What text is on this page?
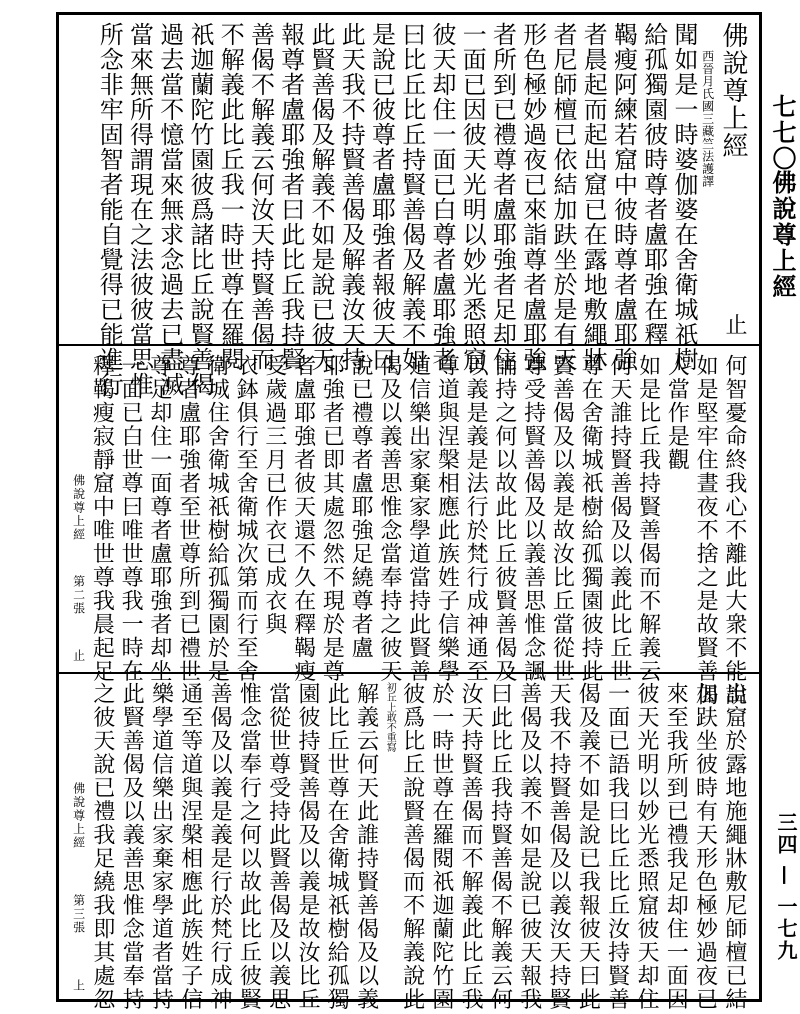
七七〇
佛說尊上經
三四 — 一七九
佛說尊上經
止
西晉月氏國三藏竺法護譯
聞如是一時婆伽婆在舍衛城祇樹
給孤獨園彼時尊者盧耶強在釋
鞨瘦阿練若窟中彼時尊者盧耶強
者晨起而起出窟已在露地敷繩牀
者尼師檀已依結加趺坐於是有天
形色極妙過夜已來詣尊者盧耶強
者所到已禮尊者盧耶強者足却住
一面已因彼天光明以妙光悉照窟
彼天却住一面已白尊者盧耶強者
曰比丘比丘持賢善偈及解義不如
是說已彼尊者盧耶強者報彼天曰
此天我不持賢善偈及解義汝天持
此賢善偈及解義不如是說已彼天
報尊者盧耶強者曰此比丘我持賢
善偈不解義云何汝天持賢善偈而
不解義此比丘我一時世尊在羅閱
祇迦蘭陀竹園彼爲諸比丘說賢善偈
過去當不憶當來無求念過去已盡滅
當來無所得謂現在之法彼彼當思惟
所念非牢固智者能自覺得已能進行
何智憂命終我心不離此大衆不能說
如是堅牢住晝夜不捨之是故賢善偈
人當作是觀
如是比丘我持賢善偈而不解義云
何天誰持賢善偈及以義此比丘世
尊在舍衛城祇樹給孤獨園彼持此
賢善偈及以義是故汝比丘當從世
尊受持賢善偈及以義善思惟念諷
誦持之何以故此比丘彼賢善偈及
以義是義是法行於梵行成神通至
尊道與涅槃相應此族姓子信樂學
道信樂出家棄家學道當持此賢善
偈及以義善思惟念當奉持之彼天
說已禮尊者盧耶強足繞尊者盧
耶強者已即其處忽然不現於是尊
者盧耶強者彼天還不久在釋鞨瘦
受歲過三月已作衣已成衣與
衣鉢俱行至舍衛城次第而行至舍
衛城住舍衛城祇樹給孤獨園於是
尊者盧耶強者至世尊所到已禮世
尊足却住一面尊者盧耶強者却坐
一面已白世尊曰唯世尊我一時在
釋鞨瘦寂靜窟中唯世尊我晨起足
佛說尊上經
第二張
止
出窟於露地施繩牀敷尼師檀已結
加趺坐彼時有天形色極妙過夜已
來至我所到已禮我足却住一面因
彼天光明以妙光悉照窟彼天却住
一面已語我曰比丘比丘汝持賢善
偈及義不如是說已我報彼天曰此
天我不持賢善偈及以義汝天持賢
善偈及以義不如是說已彼天報我
曰此比丘我持賢善偈不解義云何
汝天持賢善偈而不解義此比丘我
於一時世尊在羅閱祇迦蘭陀竹園
彼爲比丘說賢善偈而不解義說此
初丘上敢不重寫
解義云何天此誰持賢善偈及以義
此比丘世尊在舍衛城祇樹給孤獨
園彼持賢善偈及以義是故汝比丘
當從世尊受持此賢善偈及以義思
惟念當奉行之何以故此比丘彼賢
善偈及以義是義是行於梵行成神
通至等道與涅槃相應此族姓子信
樂學道信樂出家棄家學道者當持
此賢善偈及以義善思惟念當奉持
之彼天說已禮我足繞我即其處忽
佛說尊上經
第三張
上
